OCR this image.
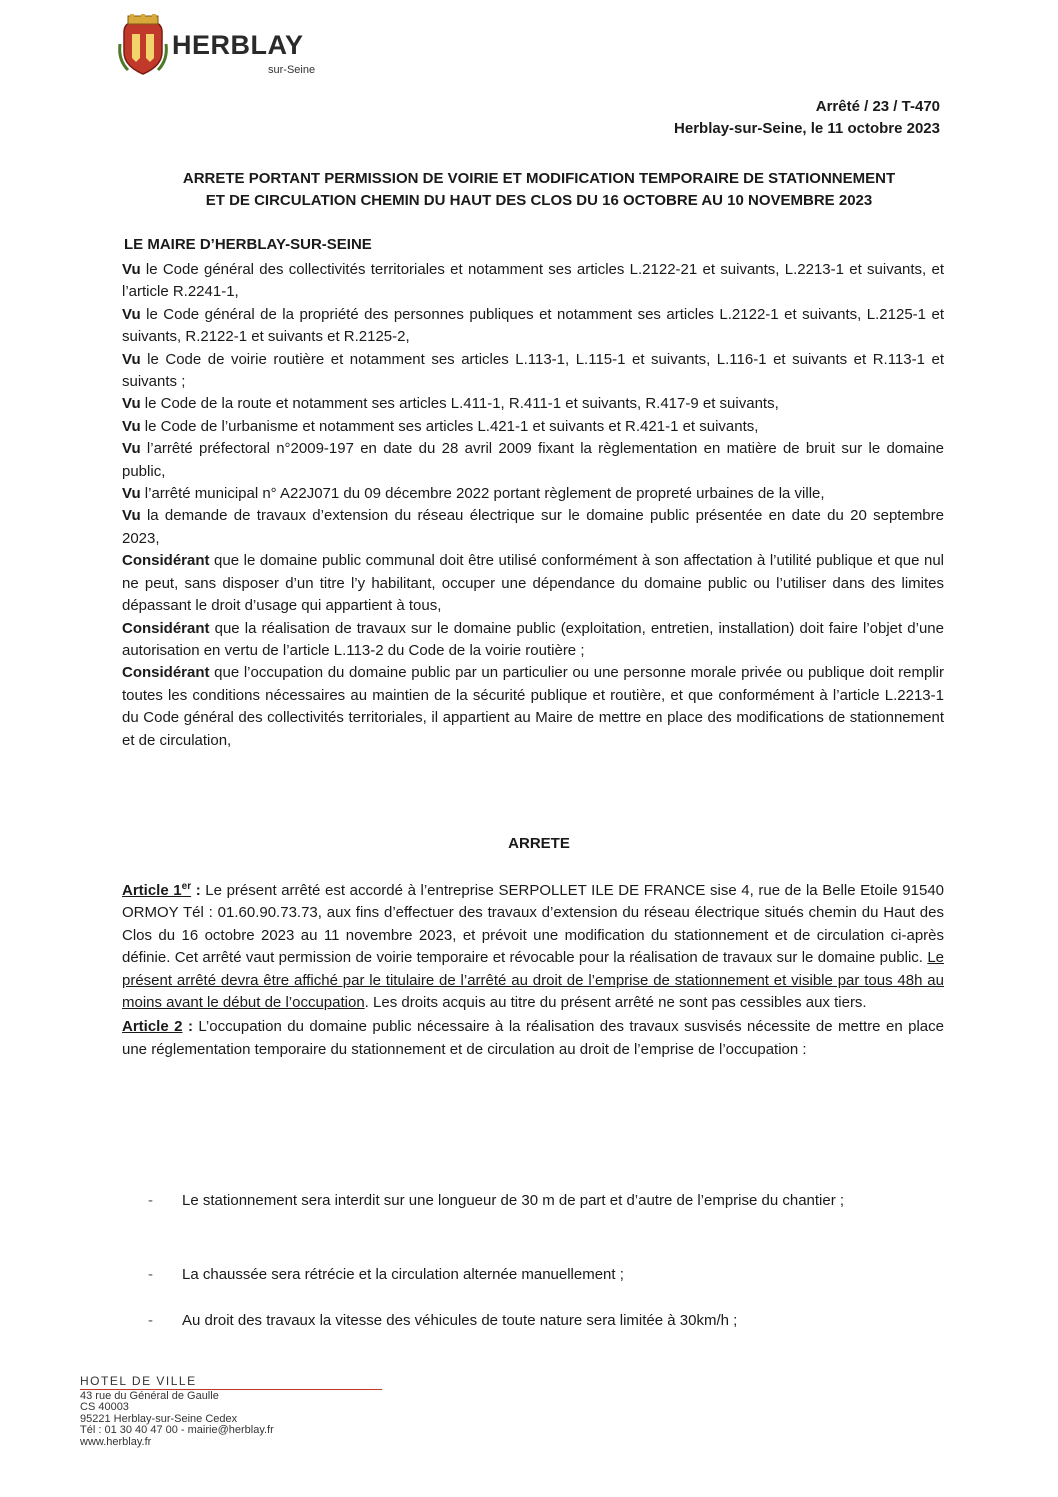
HERBLAY
sur-Seine
Arrêté / 23 / T-470
Herblay-sur-Seine, le 11 octobre 2023
ARRETE PORTANT PERMISSION DE VOIRIE ET MODIFICATION TEMPORAIRE DE STATIONNEMENT
ET DE CIRCULATION CHEMIN DU HAUT DES CLOS DU 16 OCTOBRE AU 10 NOVEMBRE 2023
LE MAIRE D’HERBLAY-SUR-SEINE

Vu le Code général des collectivités territoriales et notamment ses articles L.2122-21 et suivants, L.2213-1 et suivants, et l’article R.2241-1,

Vu le Code général de la propriété des personnes publiques et notamment ses articles L.2122-1 et suivants, L.2125-1 et suivants, R.2122-1 et suivants et R.2125-2,

Vu le Code de voirie routière et notamment ses articles L.113-1, L.115-1 et suivants, L.116-1 et suivants et R.113-1 et suivants ;

Vu le Code de la route et notamment ses articles L.411-1, R.411-1 et suivants, R.417-9 et suivants,

Vu le Code de l’urbanisme et notamment ses articles L.421-1 et suivants et R.421-1 et suivants,

Vu l’arrêté préfectoral n°2009-197 en date du 28 avril 2009 fixant la règlementation en matière de bruit sur le domaine public,

Vu l’arrêté municipal n° A22J071 du 09 décembre 2022 portant règlement de propreté urbaines de la ville,

Vu la demande de travaux d’extension du réseau électrique sur le domaine public présentée en date du 20 septembre 2023,

Considérant que le domaine public communal doit être utilisé conformément à son affectation à l’utilité publique et que nul ne peut, sans disposer d’un titre l’y habilitant, occuper une dépendance du domaine public ou l’utiliser dans des limites dépassant le droit d’usage qui appartient à tous,

Considérant que la réalisation de travaux sur le domaine public (exploitation, entretien, installation) doit faire l’objet d’une autorisation en vertu de l’article L.113-2 du Code de la voirie routière ;

Considérant que l’occupation du domaine public par un particulier ou une personne morale privée ou publique doit remplir toutes les conditions nécessaires au maintien de la sécurité publique et routière, et que conformément à l’article L.2213-1 du Code général des collectivités territoriales, il appartient au Maire de mettre en place des modifications de stationnement et de circulation,

ARRETE

Article 1er : Le présent arrêté est accordé à l’entreprise SERPOLLET ILE DE FRANCE sise 4, rue de la Belle Etoile 91540 ORMOY Tél : 01.60.90.73.73, aux fins d’effectuer des travaux d’extension du réseau électrique situés chemin du Haut des Clos du 16 octobre 2023 au 11 novembre 2023, et prévoit une modification du stationnement et de circulation ci-après définie. Cet arrêté vaut permission de voirie temporaire et révocable pour la réalisation de travaux sur le domaine public. Le présent arrêté devra être affiché par le titulaire de l’arrêté au droit de l’emprise de stationnement et visible par tous 48h au moins avant le début de l’occupation. Les droits acquis au titre du présent arrêté ne sont pas cessibles aux tiers.

Article 2 : L’occupation du domaine public nécessaire à la réalisation des travaux susvisés nécessite de mettre en place une réglementation temporaire du stationnement et de circulation au droit de l’emprise de l’occupation :

- Le stationnement sera interdit sur une longueur de 30 m de part et d’autre de l’emprise du chantier ;
- La chaussée sera rétrécie et la circulation alternée manuellement ;
- Au droit des travaux la vitesse des véhicules de toute nature sera limitée à 30km/h ;
HOTEL DE VILLE
43 rue du Général de Gaulle
CS 40003
95221 Herblay-sur-Seine Cedex
Tél : 01 30 40 47 00 - mairie@herblay.fr
www.herblay.fr
